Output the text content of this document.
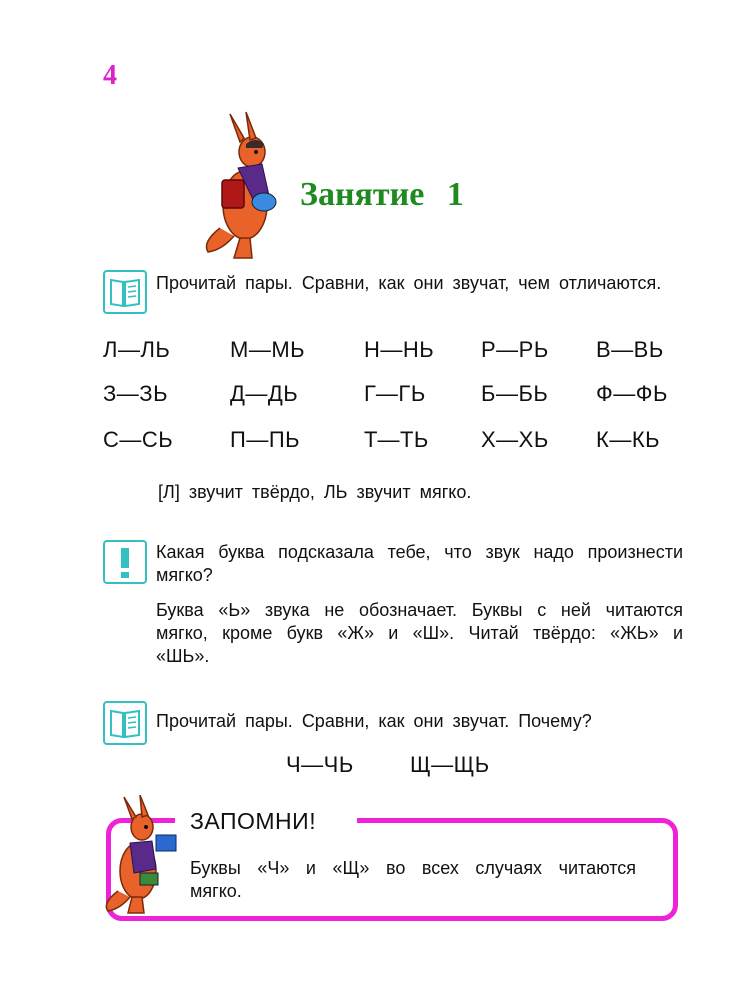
4
Занятие 1
Прочитай пары. Сравни, как они звучат, чем отличаются.
Л—ЛЬ	М—МЬ	Н—НЬ Р—РЬ В—ВЬ
З—ЗЬ	Д—ДЬ	Г—ГЬ	Б—БЬ Ф—ФЬ
С—СЬ	П—ПЬ	Т—ТЬ Х—ХЬ К—КЬ
[Л] звучит твёрдо, ЛЬ звучит мягко.
Какая буква подсказала тебе, что звук надо произнести мягко?
Буква «Ь» звука не обозначает. Буквы с ней читаются мягко, кроме букв «Ж» и «Ш». Читай твёрдо: «ЖЬ» и «ШЬ».
Прочитай пары. Сравни, как они звучат. Почему?
Ч—ЧЬ	Щ—ЩЬ
ЗАПОМНИ!
Буквы «Ч» и «Щ» во всех случаях читаются мягко.
